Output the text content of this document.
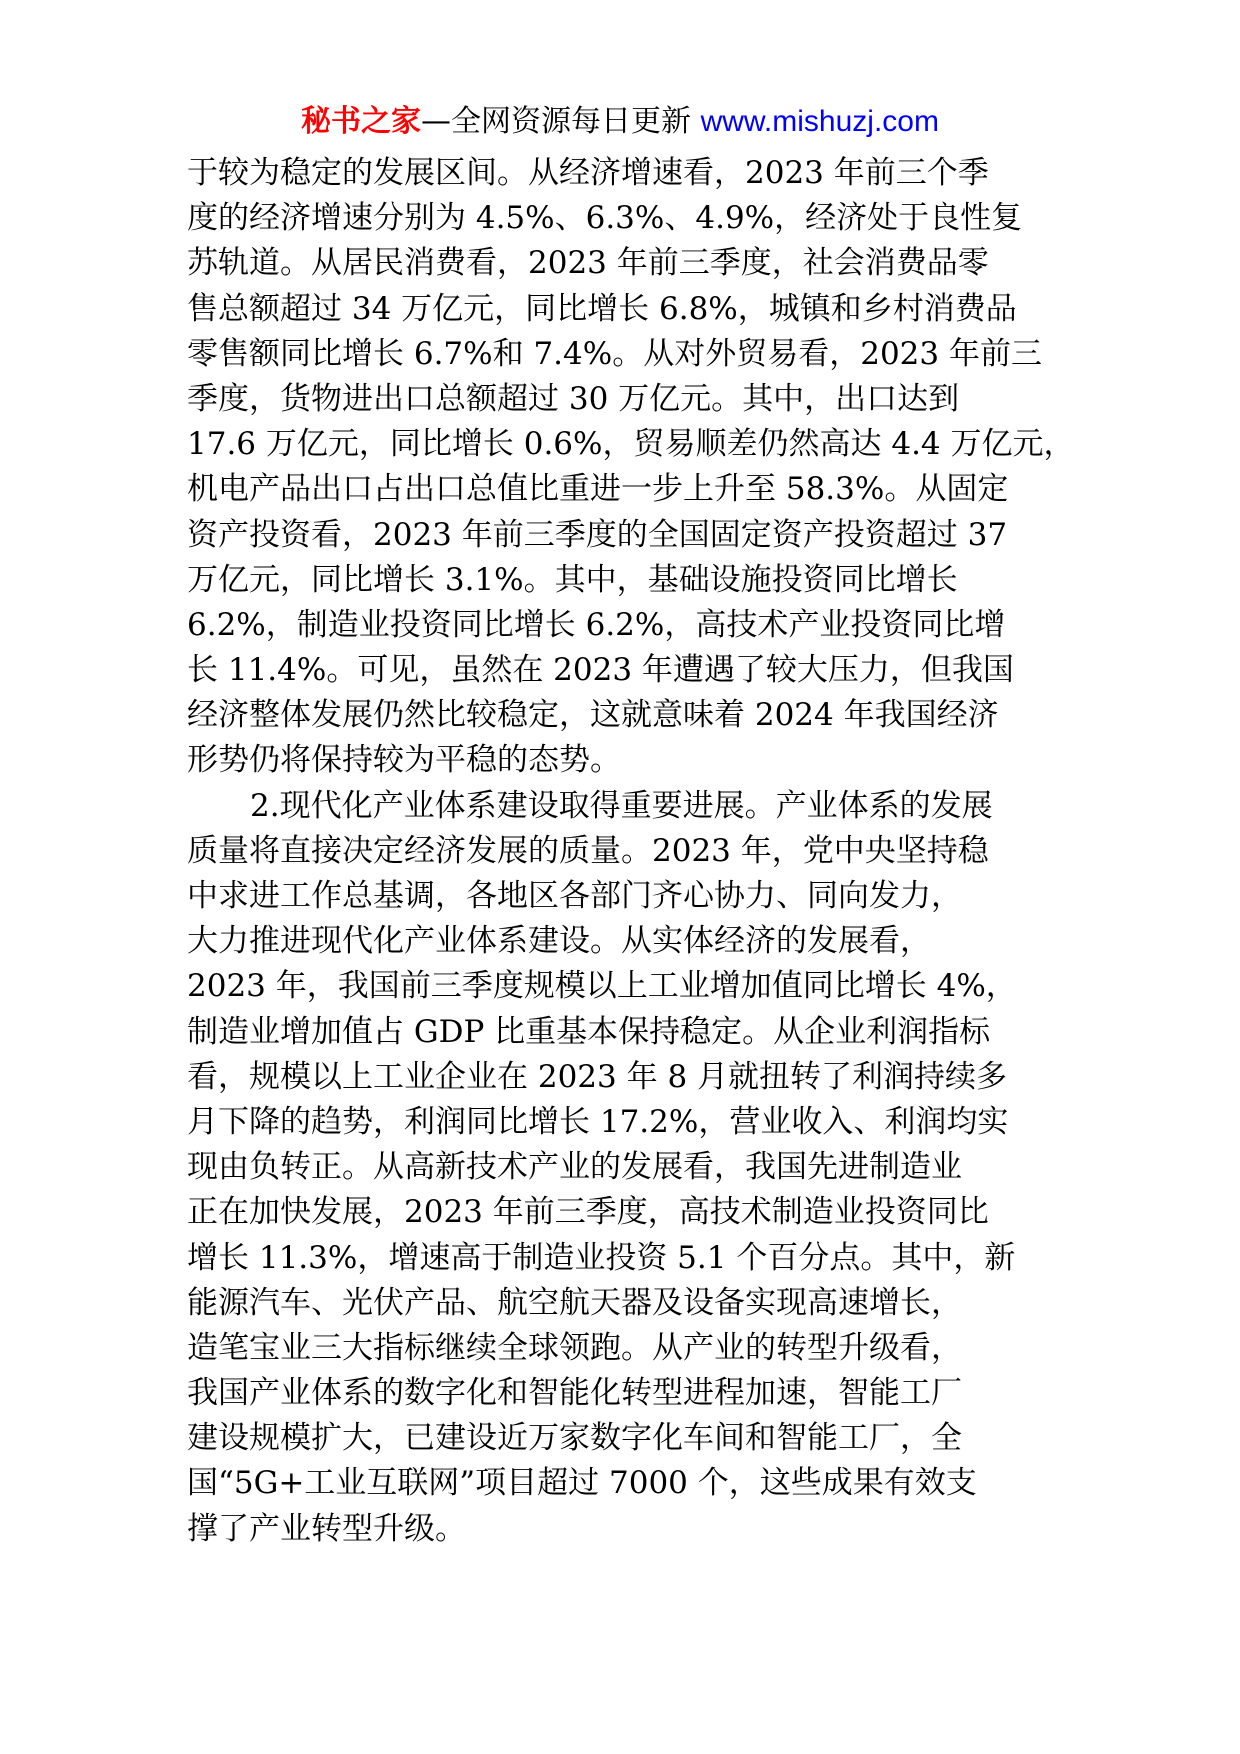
秘书之家—全网资源每日更新 www.mishuzj.com
于较为稳定的发展区间。从经济增速看，2023 年前三个季
度的经济增速分别为 4.5%、6.3%、4.9%，经济处于良性复
苏轨道。从居民消费看，2023 年前三季度，社会消费品零
售总额超过 34 万亿元，同比增长 6.8%，城镇和乡村消费品
零售额同比增长 6.7%和 7.4%。从对外贸易看，2023 年前三
季度，货物进出口总额超过 30 万亿元。其中，出口达到
17.6 万亿元，同比增长 0.6%，贸易顺差仍然高达 4.4 万亿元，
机电产品出口占出口总值比重进一步上升至 58.3%。从固定
资产投资看，2023 年前三季度的全国固定资产投资超过 37
万亿元，同比增长 3.1%。其中，基础设施投资同比增长
6.2%，制造业投资同比增长 6.2%，高技术产业投资同比增
长 11.4%。可见，虽然在 2023 年遭遇了较大压力，但我国
经济整体发展仍然比较稳定，这就意味着 2024 年我国经济
形势仍将保持较为平稳的态势。
2.现代化产业体系建设取得重要进展。产业体系的发展
质量将直接决定经济发展的质量。2023 年，党中央坚持稳
中求进工作总基调，各地区各部门齐心协力、同向发力，
大力推进现代化产业体系建设。从实体经济的发展看，
2023 年，我国前三季度规模以上工业增加值同比增长 4%，
制造业增加值占 GDP 比重基本保持稳定。从企业利润指标
看，规模以上工业企业在 2023 年 8 月就扭转了利润持续多
月下降的趋势，利润同比增长 17.2%，营业收入、利润均实
现由负转正。从高新技术产业的发展看，我国先进制造业
正在加快发展，2023 年前三季度，高技术制造业投资同比
增长 11.3%，增速高于制造业投资 5.1 个百分点。其中，新
能源汽车、光伏产品、航空航天器及设备实现高速增长，
造笔宝业三大指标继续全球领跑。从产业的转型升级看，
我国产业体系的数字化和智能化转型进程加速，智能工厂
建设规模扩大，已建设近万家数字化车间和智能工厂，全
国“5G+工业互联网”项目超过 7000 个，这些成果有效支
撑了产业转型升级。
